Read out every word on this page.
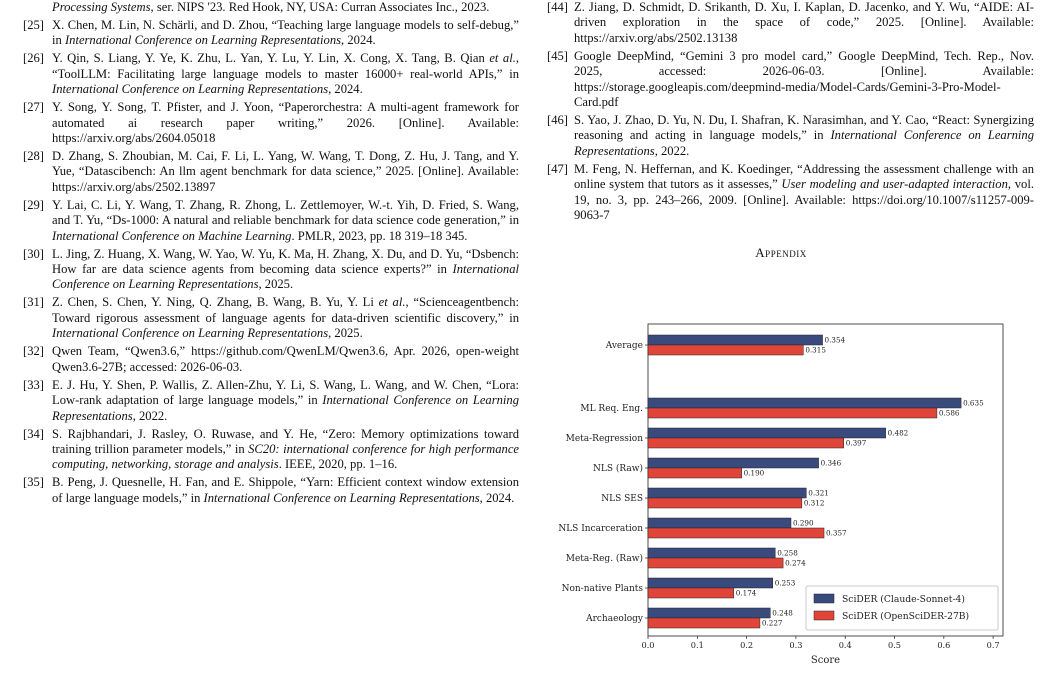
Processing Systems, ser. NIPS '23. Red Hook, NY, USA: Curran Associates Inc., 2023.
[25] X. Chen, M. Lin, N. Schärli, and D. Zhou, “Teaching large language models to self-debug,” in International Conference on Learning Representations, 2024.
[26] Y. Qin, S. Liang, Y. Ye, K. Zhu, L. Yan, Y. Lu, Y. Lin, X. Cong, X. Tang, B. Qian et al., “ToolLLM: Facilitating large language models to master 16000+ real-world APIs,” in International Conference on Learning Representations, 2024.
[27] Y. Song, Y. Song, T. Pfister, and J. Yoon, “Paperorchestra: A multi-agent framework for automated ai research paper writing,” 2026. [Online]. Available: https://arxiv.org/abs/2604.05018
[28] D. Zhang, S. Zhoubian, M. Cai, F. Li, L. Yang, W. Wang, T. Dong, Z. Hu, J. Tang, and Y. Yue, “Datascibench: An llm agent benchmark for data science,” 2025. [Online]. Available: https://arxiv.org/abs/2502.13897
[29] Y. Lai, C. Li, Y. Wang, T. Zhang, R. Zhong, L. Zettlemoyer, W.-t. Yih, D. Fried, S. Wang, and T. Yu, “Ds-1000: A natural and reliable benchmark for data science code generation,” in International Conference on Machine Learning. PMLR, 2023, pp. 18 319–18 345.
[30] L. Jing, Z. Huang, X. Wang, W. Yao, W. Yu, K. Ma, H. Zhang, X. Du, and D. Yu, “Dsbench: How far are data science agents from becoming data science experts?” in International Conference on Learning Representations, 2025.
[31] Z. Chen, S. Chen, Y. Ning, Q. Zhang, B. Wang, B. Yu, Y. Li et al., “Scienceagentbench: Toward rigorous assessment of language agents for data-driven scientific discovery,” in International Conference on Learning Representations, 2025.
[32] Qwen Team, “Qwen3.6,” https://github.com/QwenLM/Qwen3.6, Apr. 2026, open-weight Qwen3.6-27B; accessed: 2026-06-03.
[33] E. J. Hu, Y. Shen, P. Wallis, Z. Allen-Zhu, Y. Li, S. Wang, L. Wang, and W. Chen, “Lora: Low-rank adaptation of large language models,” in International Conference on Learning Representations, 2022.
[34] S. Rajbhandari, J. Rasley, O. Ruwase, and Y. He, “Zero: Memory optimizations toward training trillion parameter models,” in SC20: international conference for high performance computing, networking, storage and analysis. IEEE, 2020, pp. 1–16.
[35] B. Peng, J. Quesnelle, H. Fan, and E. Shippole, “Yarn: Efficient context window extension of large language models,” in International Conference on Learning Representations, 2024.
[44] Z. Jiang, D. Schmidt, D. Srikanth, D. Xu, I. Kaplan, D. Jacenko, and Y. Wu, “AIDE: AI-driven exploration in the space of code,” 2025. [Online]. Available: https://arxiv.org/abs/2502.13138
[45] Google DeepMind, “Gemini 3 pro model card,” Google DeepMind, Tech. Rep., Nov. 2025, accessed: 2026-06-03. [Online]. Available: https://storage.googleapis.com/deepmind-media/Model-Cards/Gemini-3-Pro-Model-Card.pdf
[46] S. Yao, J. Zhao, D. Yu, N. Du, I. Shafran, K. Narasimhan, and Y. Cao, “React: Synergizing reasoning and acting in language models,” in International Conference on Learning Representations, 2022.
[47] M. Feng, N. Heffernan, and K. Koedinger, “Addressing the assessment challenge with an online system that tutors as it assesses,” User modeling and user-adapted interaction, vol. 19, no. 3, pp. 243–266, 2009. [Online]. Available: https://doi.org/10.1007/s11257-009-9063-7
Appendix
0.354
0.635
0.482
0.346
0.321
0.290
0.258
0.253
0.248
0.315
0.586
0.397
0.190
0.312
0.357
0.274
0.174
0.227
Average
ML Req. Eng.
Meta-Regression
NLS (Raw)
NLS SES
NLS Incarceration
Meta-Reg. (Raw)
Non-native Plants
Archaeology
0.0	0.1	0.2	0.3	0.4	0.5	0.6	0.7
Score
SciDER (Claude-Sonnet-4)
SciDER (OpenSciDER-27B)
